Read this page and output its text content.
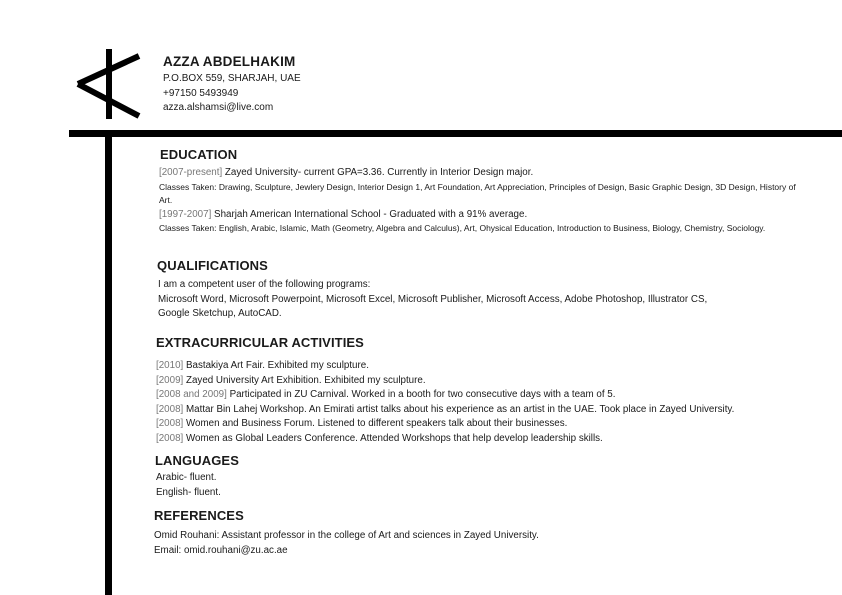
AZZA ABDELHAKIM
P.O.BOX 559, SHARJAH, UAE
+97150 5493949
azza.alshamsi@live.com
EDUCATION
[2007-present] Zayed University- current GPA=3.36. Currently in Interior Design major.
Classes Taken: Drawing, Sculpture, Jewlery Design, Interior Design 1, Art Foundation, Art Appreciation, Principles of Design, Basic Graphic Design, 3D Design, History of Art.
[1997-2007] Sharjah American International School - Graduated with a 91% average.
Classes Taken: English, Arabic, Islamic, Math (Geometry, Algebra and Calculus), Art, Ohysical Education, Introduction to Business, Biology, Chemistry, Sociology.
QUALIFICATIONS
I am a competent user of the following programs:
Microsoft Word, Microsoft Powerpoint, Microsoft Excel, Microsoft Publisher, Microsoft Access, Adobe Photoshop, Illustrator CS,
Google Sketchup, AutoCAD.
EXTRACURRICULAR ACTIVITIES
[2010] Bastakiya Art Fair. Exhibited my sculpture.
[2009] Zayed University Art Exhibition. Exhibited my sculpture.
[2008 and 2009] Participated in ZU Carnival. Worked in a booth for two consecutive days with a team of 5.
[2008] Mattar Bin Lahej Workshop. An Emirati artist talks about his experience as an artist in the UAE. Took place in Zayed University.
[2008] Women and Business Forum. Listened to different speakers talk about their businesses.
[2008] Women as Global Leaders Conference. Attended Workshops that help develop leadership skills.
LANGUAGES
Arabic- fluent.
English- fluent.
REFERENCES
Omid Rouhani: Assistant professor in the college of Art and sciences in Zayed University.
Email: omid.rouhani@zu.ac.ae
